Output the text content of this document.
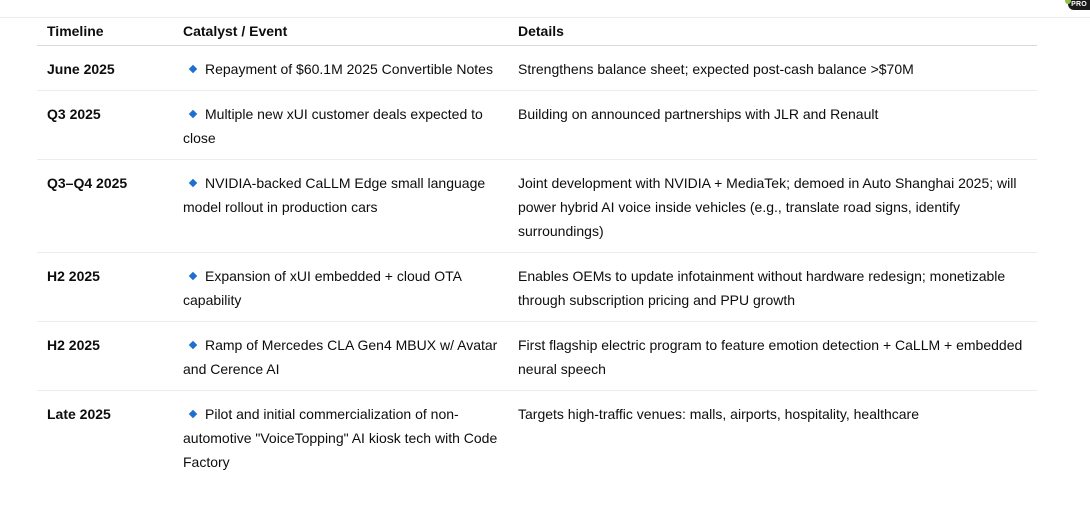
PRO
Timeline	Catalyst / Event	Details
June 2025	Repayment of $60.1M 2025 Convertible Notes	Strengthens balance sheet; expected post-cash balance >$70M
Q3 2025	Multiple new xUI customer deals expected to close	Building on announced partnerships with JLR and Renault
Q3–Q4 2025	NVIDIA-backed CaLLM Edge small language model rollout in production cars	Joint development with NVIDIA + MediaTek; demoed in Auto Shanghai 2025; will power hybrid AI voice inside vehicles (e.g., translate road signs, identify surroundings)
H2 2025	Expansion of xUI embedded + cloud OTA capability	Enables OEMs to update infotainment without hardware redesign; monetizable through subscription pricing and PPU growth
H2 2025	Ramp of Mercedes CLA Gen4 MBUX w/ Avatar and Cerence AI	First flagship electric program to feature emotion detection + CaLLM + embedded neural speech
Late 2025	Pilot and initial commercialization of non-automotive "VoiceTopping" AI kiosk tech with Code Factory	Targets high-traffic venues: malls, airports, hospitality, healthcare
